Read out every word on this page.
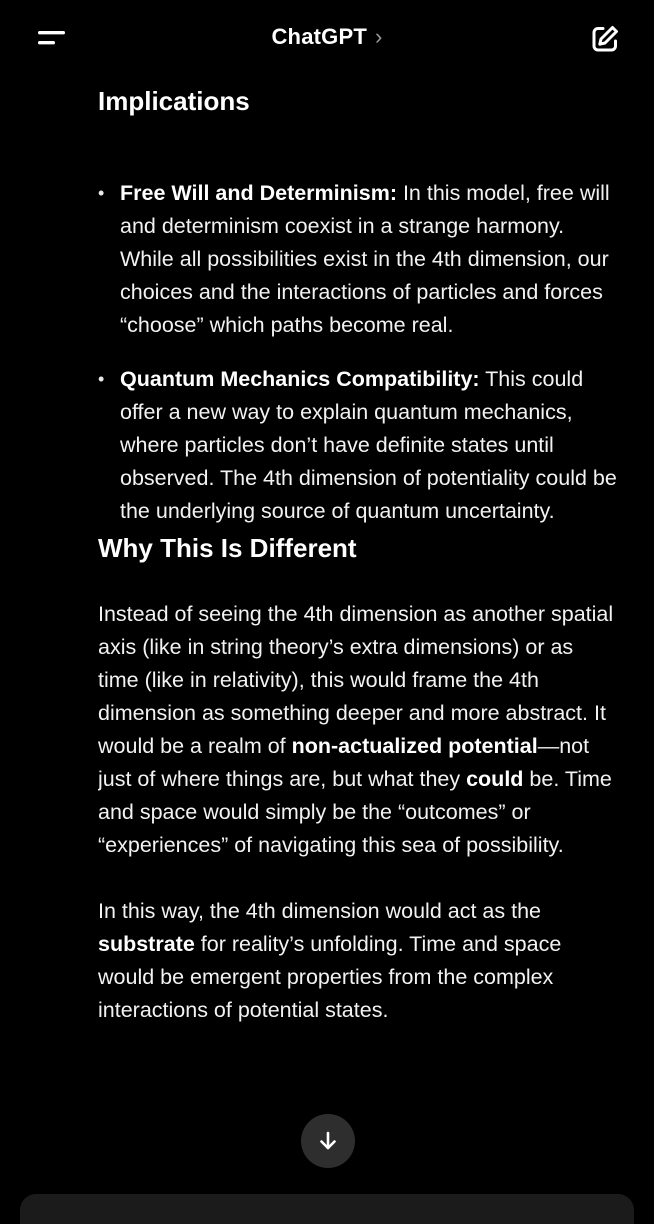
ChatGPT ›
Implications
• Free Will and Determinism: In this model, free will and determinism coexist in a strange harmony. While all possibilities exist in the 4th dimension, our choices and the interactions of particles and forces “choose” which paths become real.
• Quantum Mechanics Compatibility: This could offer a new way to explain quantum mechanics, where particles don’t have definite states until observed. The 4th dimension of potentiality could be the underlying source of quantum uncertainty.
Why This Is Different

Instead of seeing the 4th dimension as another spatial axis (like in string theory’s extra dimensions) or as time (like in relativity), this would frame the 4th dimension as something deeper and more abstract. It would be a realm of non-actualized potential—not just of where things are, but what they could be. Time and space would simply be the “outcomes” or “experiences” of navigating this sea of possibility.

In this way, the 4th dimension would act as the substrate for reality’s unfolding. Time and space would be emergent properties from the complex interactions of potential states.
